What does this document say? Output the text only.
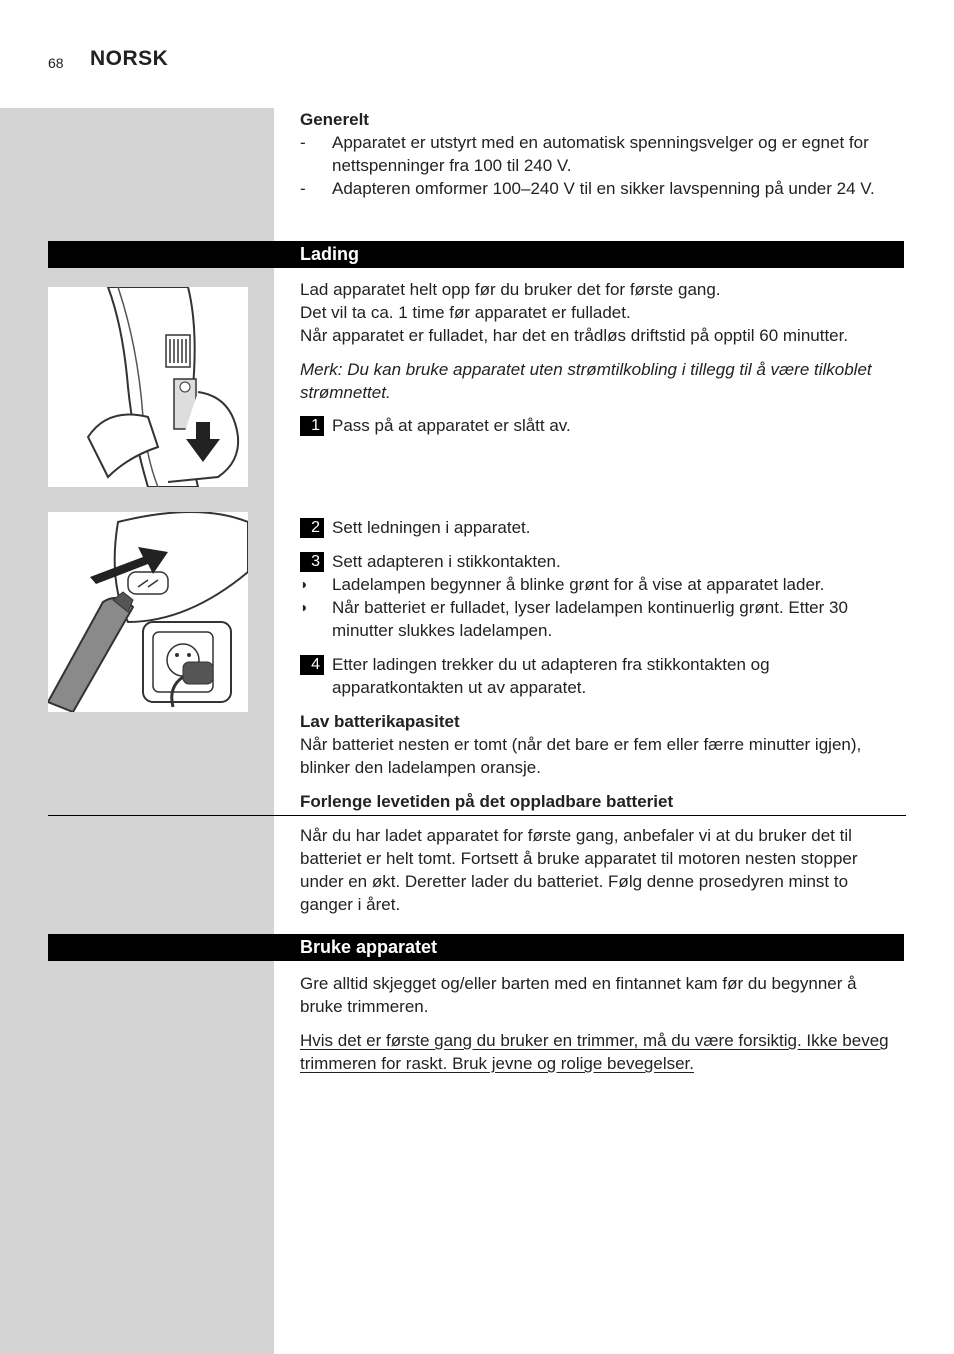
68 NORSK
Generelt
- Apparatet er utstyrt med en automatisk spenningsvelger og er egnet for nettspenninger fra 100 til 240 V.
- Adapteren omformer 100–240 V til en sikker lavspenning på under 24 V.
Lading

Lad apparatet helt opp før du bruker det for første gang.

Det vil ta ca. 1 time før apparatet er fulladet.

Når apparatet er fulladet, har det en trådløs driftstid på opptil 60 minutter.

Merk: Du kan bruke apparatet uten strømtilkobling i tillegg til å være tilkoblet strømnettet.

1 Pass på at apparatet er slått av.
2 Sett ledningen i apparatet.
3 Sett adapteren i stikkontakten.
◗ Ladelampen begynner å blinke grønt for å vise at apparatet lader.
◗ Når batteriet er fulladet, lyser ladelampen kontinuerlig grønt. Etter 30 minutter slukkes ladelampen.
4 Etter ladingen trekker du ut adapteren fra stikkontakten og apparatkontakten ut av apparatet.
Lav batterikapasitet

Når batteriet nesten er tomt (når det bare er fem eller færre minutter igjen), blinker den ladelampen oransje.

Forlenge levetiden på det oppladbare batteriet

Når du har ladet apparatet for første gang, anbefaler vi at du bruker det til batteriet er helt tomt. Fortsett å bruke apparatet til motoren nesten stopper under en økt. Deretter lader du batteriet. Følg denne prosedyren minst to ganger i året.

Bruke apparatet

Gre alltid skjegget og/eller barten med en fintannet kam før du begynner å bruke trimmeren.

Hvis det er første gang du bruker en trimmer, må du være forsiktig. Ikke beveg trimmeren for raskt. Bruk jevne og rolige bevegelser.
